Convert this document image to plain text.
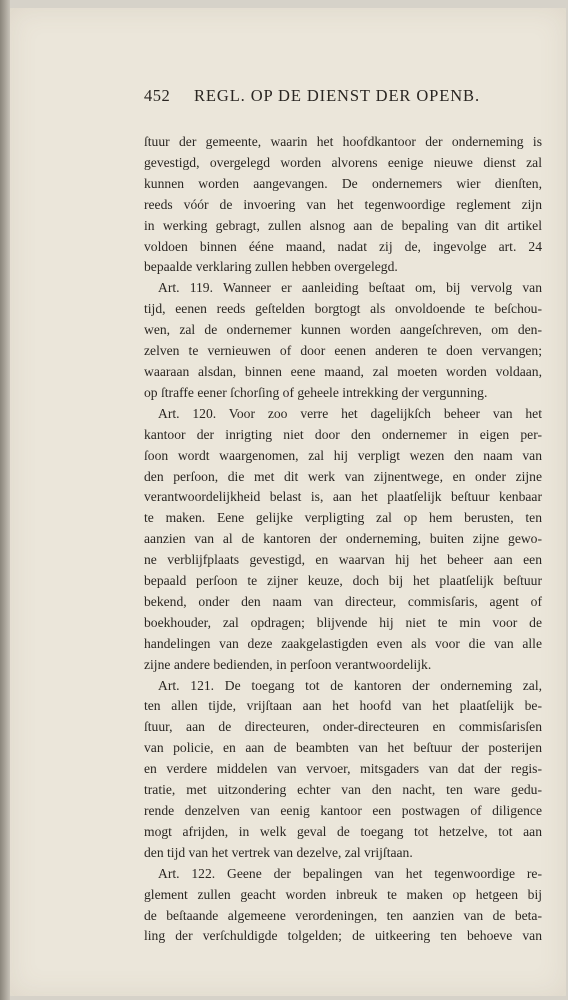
452	REGL. OP DE DIENST DER OPENB.
ſtuur der gemeente, waarin het hoofdkantoor der onderneming is
gevestigd, overgelegd worden alvorens eenige nieuwe dienst zal
kunnen worden aangevangen. De ondernemers wier dienſten,
reeds vóór de invoering van het tegenwoordige reglement zijn
in werking gebragt, zullen alsnog aan de bepaling van dit artikel
voldoen binnen ééne maand, nadat zij de, ingevolge art. 24
bepaalde verklaring zullen hebben overgelegd.
Art. 119. Wanneer er aanleiding beſtaat om, bij vervolg van
tijd, eenen reeds geſtelden borgtogt als onvoldoende te beſchou-
wen, zal de ondernemer kunnen worden aangeſchreven, om den-
zelven te vernieuwen of door eenen anderen te doen vervangen;
waaraan alsdan, binnen eene maand, zal moeten worden voldaan,
op ſtraffe eener ſchorſing of geheele intrekking der vergunning.
Art. 120. Voor zoo verre het dagelijkſch beheer van het
kantoor der inrigting niet door den ondernemer in eigen per-
ſoon wordt waargenomen, zal hij verpligt wezen den naam van
den perſoon, die met dit werk van zijnentwege, en onder zijne
verantwoordelijkheid belast is, aan het plaatſelijk beſtuur kenbaar
te maken. Eene gelijke verpligting zal op hem berusten, ten
aanzien van al de kantoren der onderneming, buiten zijne gewo-
ne verblijfplaats gevestigd, en waarvan hij het beheer aan een
bepaald perſoon te zijner keuze, doch bij het plaatſelijk beſtuur
bekend, onder den naam van directeur, commisſaris, agent of
boekhouder, zal opdragen; blijvende hij niet te min voor de
handelingen van deze zaakgelastigden even als voor die van alle
zijne andere bedienden, in perſoon verantwoordelijk.
Art. 121. De toegang tot de kantoren der onderneming zal,
ten allen tijde, vrijſtaan aan het hoofd van het plaatſelijk be-
ſtuur, aan de directeuren, onder-directeuren en commisſarisſen
van policie, en aan de beambten van het beſtuur der posterijen
en verdere middelen van vervoer, mitsgaders van dat der regis-
tratie, met uitzondering echter van den nacht, ten ware gedu-
rende denzelven van eenig kantoor een postwagen of diligence
mogt afrijden, in welk geval de toegang tot hetzelve, tot aan
den tijd van het vertrek van dezelve, zal vrijſtaan.
Art. 122. Geene der bepalingen van het tegenwoordige re-
glement zullen geacht worden inbreuk te maken op hetgeen bij
de beſtaande algemeene verordeningen, ten aanzien van de beta-
ling der verſchuldigde tolgelden; de uitkeering ten behoeve van
